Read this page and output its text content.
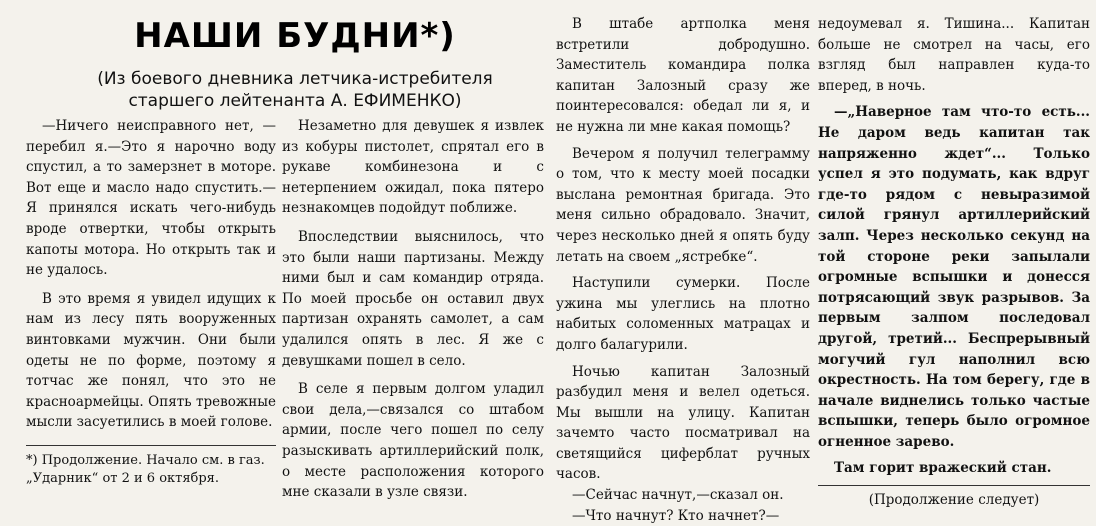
НАШИ БУДНИ*)
(Из боевого дневника летчика-истребителя
старшего лейтенанта А. ЕФИМЕНКО)

—Ничего неисправного нет, —перебил я.—Это я нарочно воду спустил, а то замерзнет в моторе. Вот еще и масло надо спустить.—Я принялся искать чего-нибудь вроде отвертки, чтобы открыть капоты мотора. Но открыть так и не удалось.

В это время я увидел идущих к нам из лесу пять вооруженных винтовками мужчин. Они были одеты не по форме, поэтому я тотчас же понял, что это не красноармейцы. Опять тревожные мысли засуетились в моей голове.

*) Продолжение. Начало см. в газ. „Ударник“ от 2 и 6 октября.

Незаметно для девушек я извлек из кобуры пистолет, спрятал его в рукаве комбинезона и с нетерпением ожидал, пока пятеро незнакомцев подойдут поближе.

Впоследствии выяснилось, что это были наши партизаны. Между ними был и сам командир отряда. По моей просьбе он оставил двух партизан охранять самолет, а сам удалился опять в лес. Я же с девушками пошел в село.

В селе я первым долгом уладил свои дела,—связался со штабом армии, после чего пошел по селу разыскивать артиллерийский полк, о месте расположения которого мне сказали в узле связи.

В штабе артполка меня встретили добродушно. Заместитель командира полка капитан Залозный сразу же поинтересовался: обедал ли я, и не нужна ли мне какая помощь?

Вечером я получил телеграмму о том, что к месту моей посадки выслана ремонтная бригада. Это меня сильно обрадовало. Значит, через несколько дней я опять буду летать на своем „ястребке“.

Наступили сумерки. После ужина мы улеглись на плотно набитых соломенных матрацах и долго балагурили.

Ночью капитан Залозный разбудил меня и велел одеться. Мы вышли на улицу. Капитан зачемто часто посматривал на светящийся циферблат ручных часов.

—Сейчас начнут,—сказал он.

—Что начнут? Кто начнет?—

недоумевал я. Тишина... Капитан больше не смотрел на часы, его взгляд был направлен куда-то вперед, в ночь.

—„Наверное там что-то есть... Не даром ведь капитан так напряженно ждет“... Только успел я это подумать, как вдруг где-то рядом с невыразимой силой грянул артиллерийский залп. Через несколько секунд на той стороне реки запылали огромные вспышки и донесся потрясающий звук разрывов. За первым залпом последовал другой, третий... Беспрерывный могучий гул наполнил всю окрестность. На том берегу, где в начале виднелись только частые вспышки, теперь было огромное огненное зарево.

Там горит вражеский стан.

(Продолжение следует)
